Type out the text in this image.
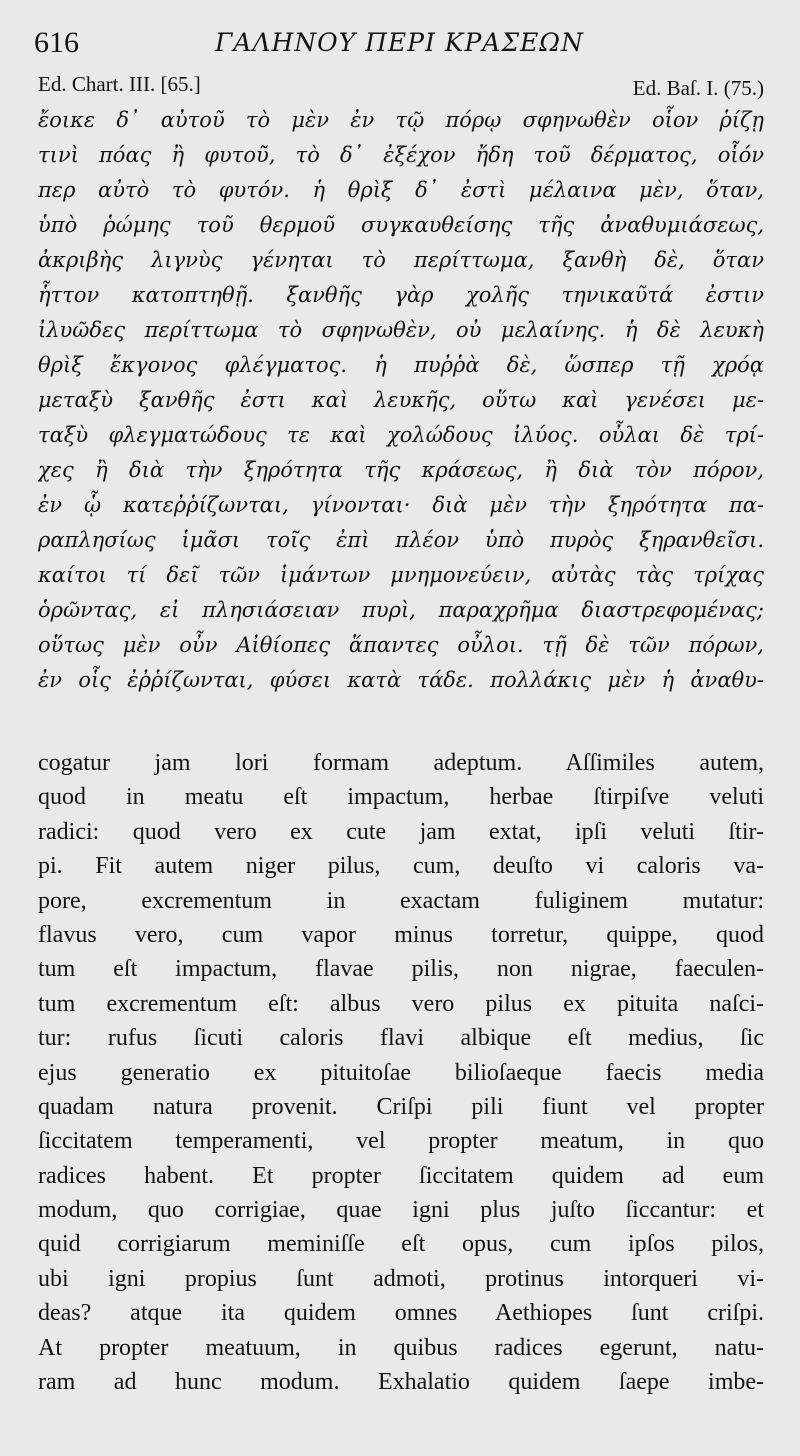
616	ΓΑΛΗΝΟΥ ΠΕΡΙ ΚΡΑΣΕΩΝ
Ed. Chart. III. [65.]	Ed. Baſ. I. (75.)
ἔοικε δ᾽ αὐτοῦ τὸ μὲν ἐν τῷ πόρῳ σφηνωθὲν οἷον ῥίζῃ
τινὶ πόας ἢ φυτοῦ, τὸ δ᾽ ἐξέχον ἤδη τοῦ δέρματος, οἷόν
περ αὐτὸ τὸ φυτόν. ἡ θρὶξ δ᾽ ἐστὶ μέλαινα μὲν, ὅταν,
ὑπὸ ῥώμης τοῦ θερμοῦ συγκαυθείσης τῆς ἀναθυμιάσεως,
ἀκριβὴς λιγνὺς γένηται τὸ περίττωμα, ξανθὴ δὲ, ὅταν
ἧττον κατοπτηθῇ. ξανθῆς γὰρ χολῆς τηνικαῦτά ἐστιν
ἰλυῶδες περίττωμα τὸ σφηνωθὲν, οὐ μελαίνης. ἡ δὲ λευκὴ
θρὶξ ἔκγονος φλέγματος. ἡ πυῤῥὰ δὲ, ὥσπερ τῇ χρόᾳ
μεταξὺ ξανθῆς ἐστι καὶ λευκῆς, οὕτω καὶ γενέσει με-
ταξὺ φλεγματώδους τε καὶ χολώδους ἰλύος. οὖλαι δὲ τρί-
χες ἢ διὰ τὴν ξηρότητα τῆς κράσεως, ἢ διὰ τὸν πόρον,
ἐν ᾧ κατεῤῥίζωνται, γίνονται· διὰ μὲν τὴν ξηρότητα πα-
ραπλησίως ἱμᾶσι τοῖς ἐπὶ πλέον ὑπὸ πυρὸς ξηρανθεῖσι.
καίτοι τί δεῖ τῶν ἱμάντων μνημονεύειν, αὐτὰς τὰς τρίχας
ὁρῶντας, εἰ πλησιάσειαν πυρὶ, παραχρῆμα διαστρεφομένας;
οὕτως μὲν οὖν Αἰθίοπες ἅπαντες οὖλοι. τῇ δὲ τῶν πόρων,
ἐν οἷς ἐῤῥίζωνται, φύσει κατὰ τάδε. πολλάκις μὲν ἡ ἀναθυ-
cogatur jam lori formam adeptum. Aſſimiles autem,
quod in meatu eſt impactum, herbae ſtirpiſve veluti
radici: quod vero ex cute jam extat, ipſi veluti ſtir-
pi. Fit autem niger pilus, cum, deuſto vi caloris va-
pore, excrementum in exactam fuliginem mutatur:
flavus vero, cum vapor minus torretur, quippe, quod
tum eſt impactum, flavae pilis, non nigrae, faeculen-
tum excrementum eſt: albus vero pilus ex pituita naſci-
tur: rufus ſicuti caloris flavi albique eſt medius, ſic
ejus generatio ex pituitoſae bilioſaeque faecis media
quadam natura provenit. Criſpi pili fiunt vel propter
ſiccitatem temperamenti, vel propter meatum, in quo
radices habent. Et propter ſiccitatem quidem ad eum
modum, quo corrigiae, quae igni plus juſto ſiccantur: et
quid corrigiarum meminiſſe eſt opus, cum ipſos pilos,
ubi igni propius ſunt admoti, protinus intorqueri vi-
deas? atque ita quidem omnes Aethiopes ſunt criſpi.
At propter meatuum, in quibus radices egerunt, natu-
ram ad hunc modum. Exhalatio quidem ſaepe imbe-
